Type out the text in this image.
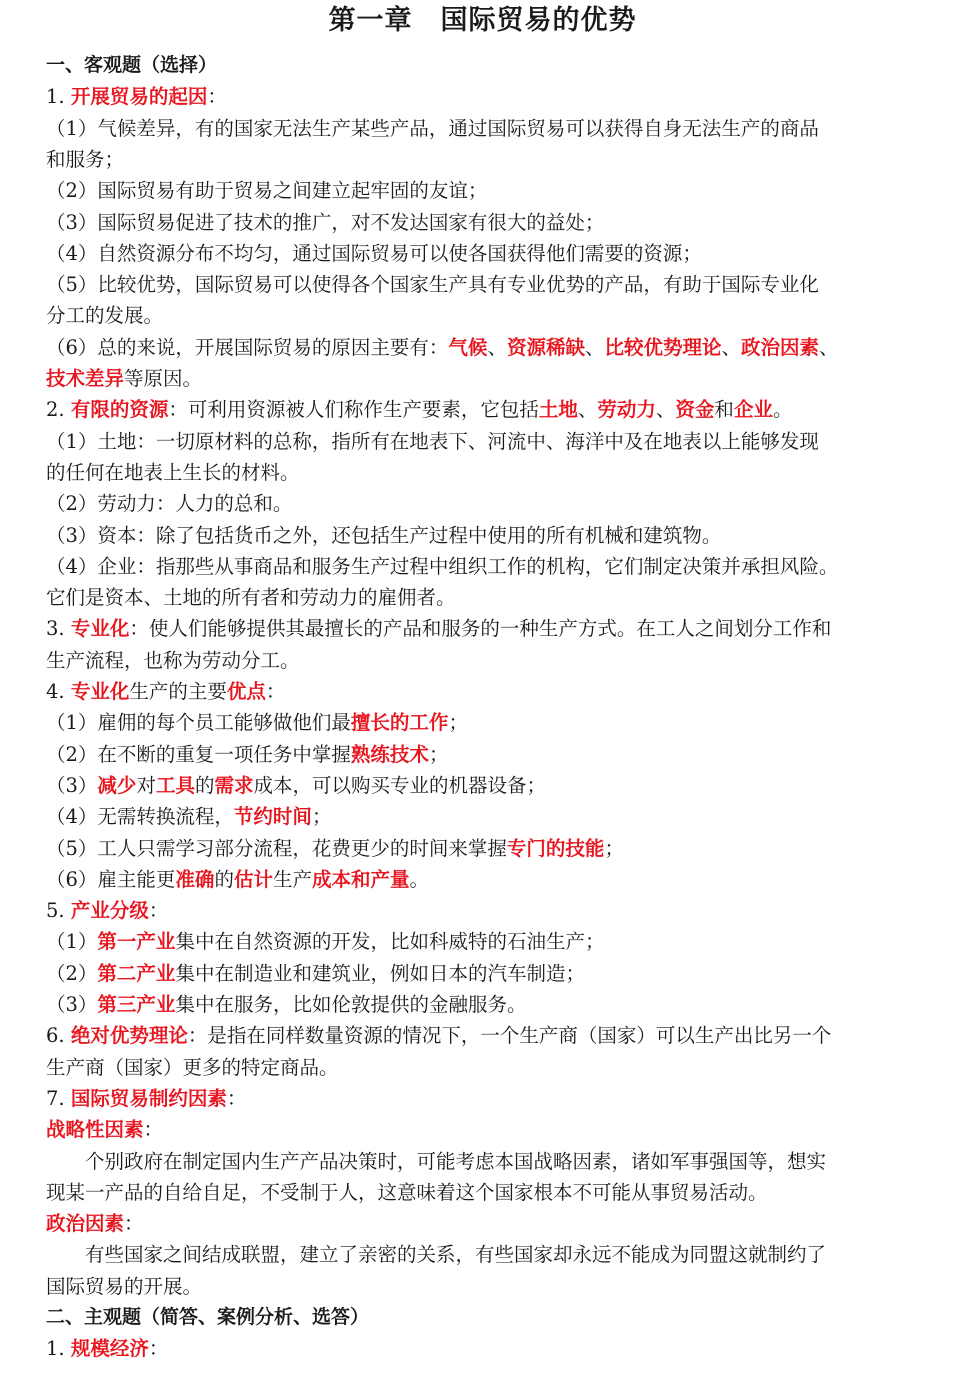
第一章　国际贸易的优势
一、客观题（选择）
1. 开展贸易的起因：
（1）气候差异，有的国家无法生产某些产品，通过国际贸易可以获得自身无法生产的商品
和服务；
（2）国际贸易有助于贸易之间建立起牢固的友谊；
（3）国际贸易促进了技术的推广，对不发达国家有很大的益处；
（4）自然资源分布不均匀，通过国际贸易可以使各国获得他们需要的资源；
（5）比较优势，国际贸易可以使得各个国家生产具有专业优势的产品，有助于国际专业化
分工的发展。
（6）总的来说，开展国际贸易的原因主要有：气候、资源稀缺、比较优势理论、政治因素、
技术差异等原因。
2. 有限的资源：可利用资源被人们称作生产要素，它包括土地、劳动力、资金和企业。
（1）土地：一切原材料的总称，指所有在地表下、河流中、海洋中及在地表以上能够发现
的任何在地表上生长的材料。
（2）劳动力：人力的总和。
（3）资本：除了包括货币之外，还包括生产过程中使用的所有机械和建筑物。
（4）企业：指那些从事商品和服务生产过程中组织工作的机构，它们制定决策并承担风险。
它们是资本、土地的所有者和劳动力的雇佣者。
3. 专业化：使人们能够提供其最擅长的产品和服务的一种生产方式。在工人之间划分工作和
生产流程，也称为劳动分工。
4. 专业化生产的主要优点：
（1）雇佣的每个员工能够做他们最擅长的工作；
（2）在不断的重复一项任务中掌握熟练技术；
（3）减少对工具的需求成本，可以购买专业的机器设备；
（4）无需转换流程，节约时间；
（5）工人只需学习部分流程，花费更少的时间来掌握专门的技能；
（6）雇主能更准确的估计生产成本和产量。
5. 产业分级：
（1）第一产业集中在自然资源的开发，比如科威特的石油生产；
（2）第二产业集中在制造业和建筑业，例如日本的汽车制造；
（3）第三产业集中在服务，比如伦敦提供的金融服务。
6. 绝对优势理论：是指在同样数量资源的情况下，一个生产商（国家）可以生产出比另一个
生产商（国家）更多的特定商品。
7. 国际贸易制约因素：
战略性因素：
　　个别政府在制定国内生产产品决策时，可能考虑本国战略因素，诸如军事强国等，想实
现某一产品的自给自足，不受制于人，这意味着这个国家根本不可能从事贸易活动。
政治因素：
　　有些国家之间结成联盟，建立了亲密的关系，有些国家却永远不能成为同盟这就制约了
国际贸易的开展。
二、主观题（简答、案例分析、选答）
1. 规模经济：
